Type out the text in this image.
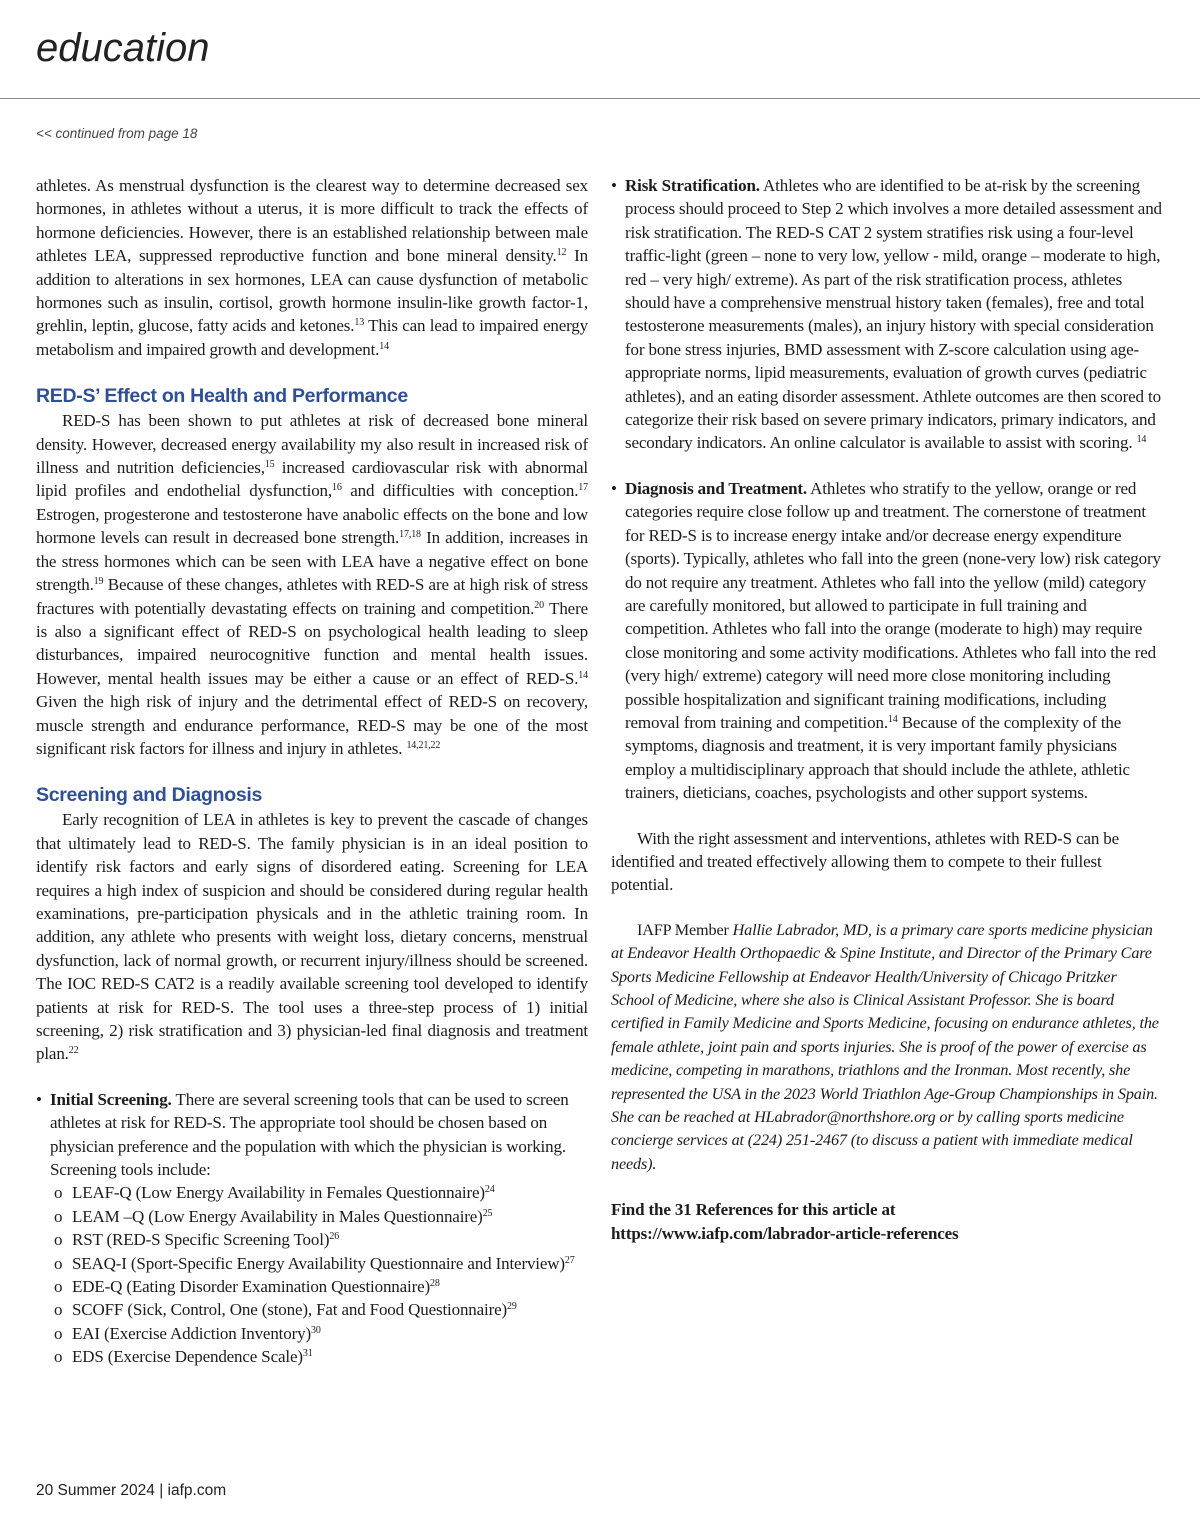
education
<< continued from page 18

athletes. As menstrual dysfunction is the clearest way to determine decreased sex hormones, in athletes without a uterus, it is more difficult to track the effects of hormone deficiencies. However, there is an established relationship between male athletes LEA, suppressed reproductive function and bone mineral density.$^{12}$ In addition to alterations in sex hormones, LEA can cause dysfunction of metabolic hormones such as insulin, cortisol, growth hormone insulin-like growth factor-1, grehlin, leptin, glucose, fatty acids and ketones.$^{13}$ This can lead to impaired energy metabolism and impaired growth and development.$^{14}$

RED-S’ Effect on Health and Performance

RED-S has been shown to put athletes at risk of decreased bone mineral density. However, decreased energy availability my also result in increased risk of illness and nutrition deficiencies,$^{15}$ increased cardiovascular risk with abnormal lipid profiles and endothelial dysfunction,$^{16}$ and difficulties with conception.$^{17}$ Estrogen, progesterone and testosterone have anabolic effects on the bone and low hormone levels can result in decreased bone strength.$^{17,18}$ In addition, increases in the stress hormones which can be seen with LEA have a negative effect on bone strength.$^{19}$ Because of these changes, athletes with RED-S are at high risk of stress fractures with potentially devastating effects on training and competition.$^{20}$ There is also a significant effect of RED-S on psychological health leading to sleep disturbances, impaired neurocognitive function and mental health issues. However, mental health issues may be either a cause or an effect of RED-S.$^{14}$ Given the high risk of injury and the detrimental effect of RED-S on recovery, muscle strength and endurance performance, RED-S may be one of the most significant risk factors for illness and injury in athletes. $^{14,21,22}$

Screening and Diagnosis

Early recognition of LEA in athletes is key to prevent the cascade of changes that ultimately lead to RED-S. The family physician is in an ideal position to identify risk factors and early signs of disordered eating. Screening for LEA requires a high index of suspicion and should be considered during regular health examinations, pre-participation physicals and in the athletic training room. In addition, any athlete who presents with weight loss, dietary concerns, menstrual dysfunction, lack of normal growth, or recurrent injury/illness should be screened. The IOC RED-S CAT2 is a readily available screening tool developed to identify patients at risk for RED-S. The tool uses a three-step process of 1) initial screening, 2) risk stratification and 3) physician-led final diagnosis and treatment plan.$^{22}$

• Initial Screening. There are several screening tools that can be used to screen athletes at risk for RED-S. The appropriate tool should be chosen based on physician preference and the population with which the physician is working. Screening tools include:
o LEAF-Q (Low Energy Availability in Females Questionnaire)$^{24}$
o LEAM –Q (Low Energy Availability in Males Questionnaire)$^{25}$
o RST (RED-S Specific Screening Tool)$^{26}$
o SEAQ-I (Sport-Specific Energy Availability Questionnaire and Interview)$^{27}$
o EDE-Q (Eating Disorder Examination Questionnaire)$^{28}$
o SCOFF (Sick, Control, One (stone), Fat and Food Questionnaire)$^{29}$
o EAI (Exercise Addiction Inventory)$^{30}$
o EDS (Exercise Dependence Scale)$^{31}$
• Risk Stratification. Athletes who are identified to be at-risk by the screening process should proceed to Step 2 which involves a more detailed assessment and risk stratification. The RED-S CAT 2 system stratifies risk using a four-level traffic-light (green – none to very low, yellow - mild, orange – moderate to high, red – very high/ extreme). As part of the risk stratification process, athletes should have a comprehensive menstrual history taken (females), free and total testosterone measurements (males), an injury history with special consideration for bone stress injuries, BMD assessment with Z-score calculation using age-appropriate norms, lipid measurements, evaluation of growth curves (pediatric athletes), and an eating disorder assessment. Athlete outcomes are then scored to categorize their risk based on severe primary indicators, primary indicators, and secondary indicators. An online calculator is available to assist with scoring. $^{14}$
• Diagnosis and Treatment. Athletes who stratify to the yellow, orange or red categories require close follow up and treatment. The cornerstone of treatment for RED-S is to increase energy intake and/or decrease energy expenditure (sports). Typically, athletes who fall into the green (none-very low) risk category do not require any treatment. Athletes who fall into the yellow (mild) category are carefully monitored, but allowed to participate in full training and competition. Athletes who fall into the orange (moderate to high) may require close monitoring and some activity modifications. Athletes who fall into the red (very high/ extreme) category will need more close monitoring including possible hospitalization and significant training modifications, including removal from training and competition.$^{14}$ Because of the complexity of the symptoms, diagnosis and treatment, it is very important family physicians employ a multidisciplinary approach that should include the athlete, athletic trainers, dieticians, coaches, psychologists and other support systems.

With the right assessment and interventions, athletes with RED-S can be identified and treated effectively allowing them to compete to their fullest potential.

IAFP Member Hallie Labrador, MD, is a primary care sports medicine physician at Endeavor Health Orthopaedic & Spine Institute, and Director of the Primary Care Sports Medicine Fellowship at Endeavor Health/University of Chicago Pritzker School of Medicine, where she also is Clinical Assistant Professor. She is board certified in Family Medicine and Sports Medicine, focusing on endurance athletes, the female athlete, joint pain and sports injuries. She is proof of the power of exercise as medicine, competing in marathons, triathlons and the Ironman. Most recently, she represented the USA in the 2023 World Triathlon Age-Group Championships in Spain. She can be reached at HLabrador@northshore.org or by calling sports medicine concierge services at (224) 251-2467 (to discuss a patient with immediate medical needs).

Find the 31 References for this article at
https://www.iafp.com/labrador-article-references

20 Summer 2024 | iafp.com
